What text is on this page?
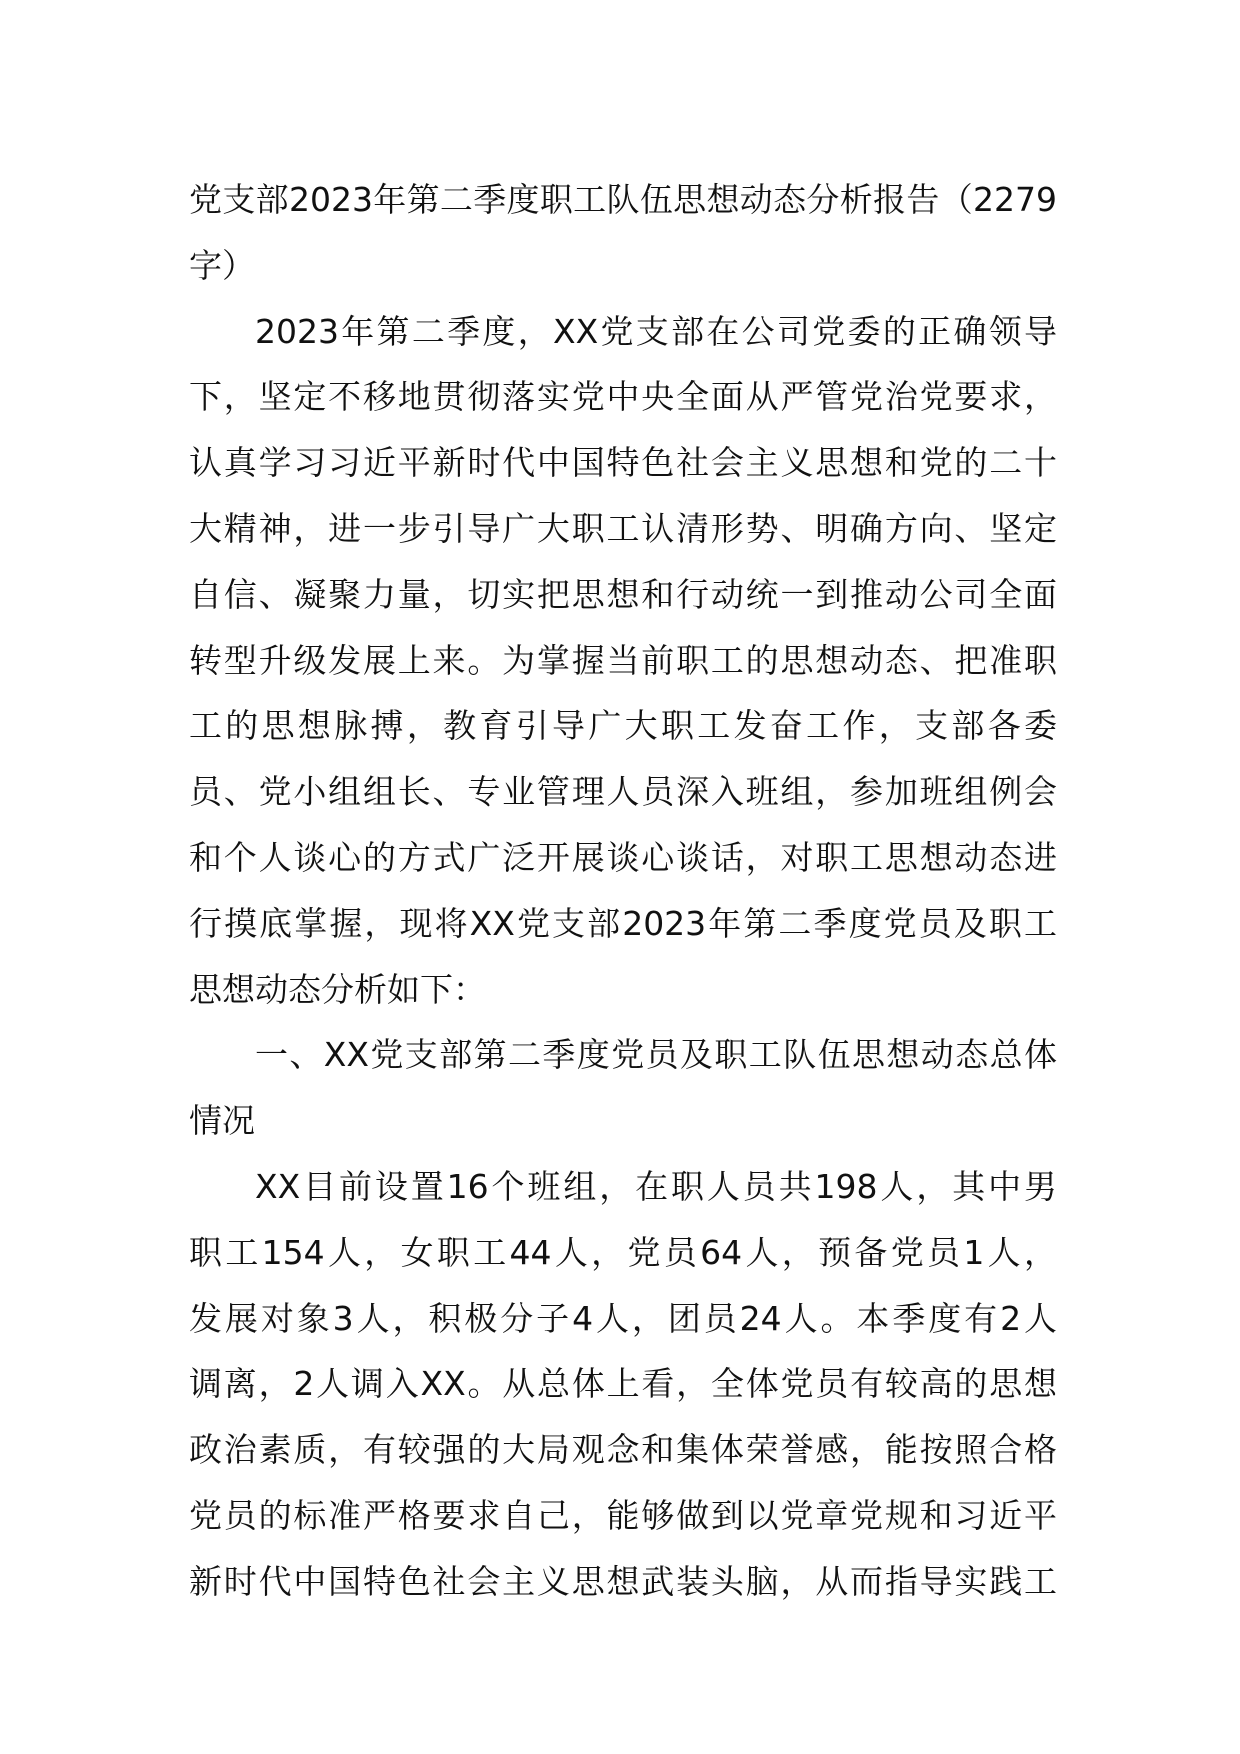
党支部2023年第二季度职工队伍思想动态分析报告（2279
字）
2023年第二季度，XX党支部在公司党委的正确领导
下，坚定不移地贯彻落实党中央全面从严管党治党要求，
认真学习习近平新时代中国特色社会主义思想和党的二十
大精神，进一步引导广大职工认清形势、明确方向、坚定
自信、凝聚力量，切实把思想和行动统一到推动公司全面
转型升级发展上来。为掌握当前职工的思想动态、把准职
工的思想脉搏，教育引导广大职工发奋工作，支部各委
员、党小组组长、专业管理人员深入班组，参加班组例会
和个人谈心的方式广泛开展谈心谈话，对职工思想动态进
行摸底掌握，现将XX党支部2023年第二季度党员及职工
思想动态分析如下：
一、XX党支部第二季度党员及职工队伍思想动态总体
情况
XX目前设置16个班组，在职人员共198人，其中男
职工154人，女职工44人，党员64人，预备党员1人，
发展对象3人，积极分子4人，团员24人。本季度有2人
调离，2人调入XX。从总体上看，全体党员有较高的思想
政治素质，有较强的大局观念和集体荣誉感，能按照合格
党员的标准严格要求自己，能够做到以党章党规和习近平
新时代中国特色社会主义思想武装头脑，从而指导实践工
